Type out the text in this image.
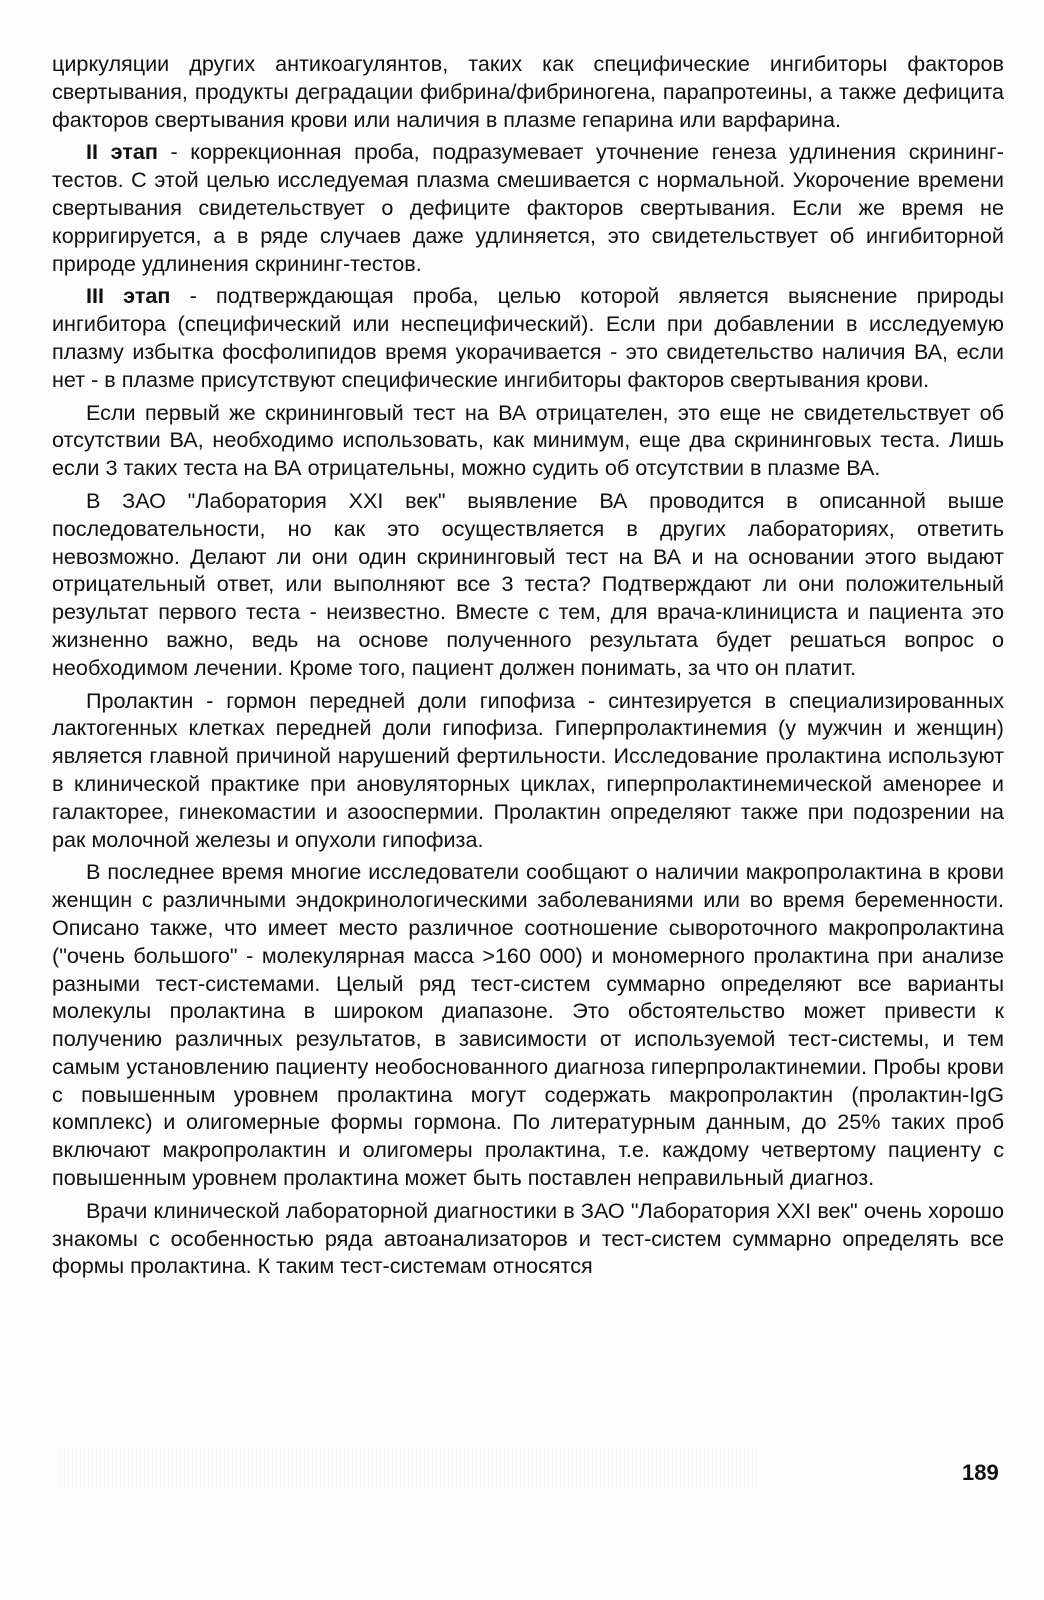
циркуляции других антикоагулянтов, таких как специфические ингибиторы факторов свертывания, продукты деградации фибрина/фибриногена, парапротеины, а также дефицита факторов свертывания крови или наличия в плазме гепарина или варфарина.

II этап - коррекционная проба, подразумевает уточнение генеза удлинения скрининг-тестов. С этой целью исследуемая плазма смешивается с нормальной. Укорочение времени свертывания свидетельствует о дефиците факторов свертывания. Если же время не корригируется, а в ряде случаев даже удлиняется, это свидетельствует об ингибиторной природе удлинения скрининг-тестов.

III этап - подтверждающая проба, целью которой является выяснение природы ингибитора (специфический или неспецифический). Если при добавлении в исследуемую плазму избытка фосфолипидов время укорачивается - это свидетельство наличия ВА, если нет - в плазме присутствуют специфические ингибиторы факторов свертывания крови.

Если первый же скрининговый тест на ВА отрицателен, это еще не свидетельствует об отсутствии ВА, необходимо использовать, как минимум, еще два скрининговых теста. Лишь если 3 таких теста на ВА отрицательны, можно судить об отсутствии в плазме ВА.

В ЗАО "Лаборатория XXI век" выявление ВА проводится в описанной выше последовательности, но как это осуществляется в других лабораториях, ответить невозможно. Делают ли они один скрининговый тест на ВА и на основании этого выдают отрицательный ответ, или выполняют все 3 теста? Подтверждают ли они положительный результат первого теста - неизвестно. Вместе с тем, для врача-клинициста и пациента это жизненно важно, ведь на основе полученного результата будет решаться вопрос о необходимом лечении. Кроме того, пациент должен понимать, за что он платит.

Пролактин - гормон передней доли гипофиза - синтезируется в специализированных лактогенных клетках передней доли гипофиза. Гиперпролактинемия (у мужчин и женщин) является главной причиной нарушений фертильности. Исследование пролактина используют в клинической практике при ановуляторных циклах, гиперпролактинемической аменорее и галакторее, гинекомастии и азооспермии. Пролактин определяют также при подозрении на рак молочной железы и опухоли гипофиза.

В последнее время многие исследователи сообщают о наличии макропролактина в крови женщин с различными эндокринологическими заболеваниями или во время беременности. Описано также, что имеет место различное соотношение сывороточного макропролактина ("очень большого" - молекулярная масса >160 000) и мономерного пролактина при анализе разными тест-системами. Целый ряд тест-систем суммарно определяют все варианты молекулы пролактина в широком диапазоне. Это обстоятельство может привести к получению различных результатов, в зависимости от используемой тест-системы, и тем самым установлению пациенту необоснованного диагноза гиперпролактинемии. Пробы крови с повышенным уровнем пролактина могут содержать макропролактин (пролактин-IgG комплекс) и олигомерные формы гормона. По литературным данным, до 25% таких проб включают макропролактин и олигомеры пролактина, т.е. каждому четвертому пациенту с повышенным уровнем пролактина может быть поставлен неправильный диагноз.

Врачи клинической лабораторной диагностики в ЗАО "Лаборатория XXI век" очень хорошо знакомы с особенностью ряда автоанализаторов и тест-систем суммарно определять все формы пролактина. К таким тест-системам относятся

189
